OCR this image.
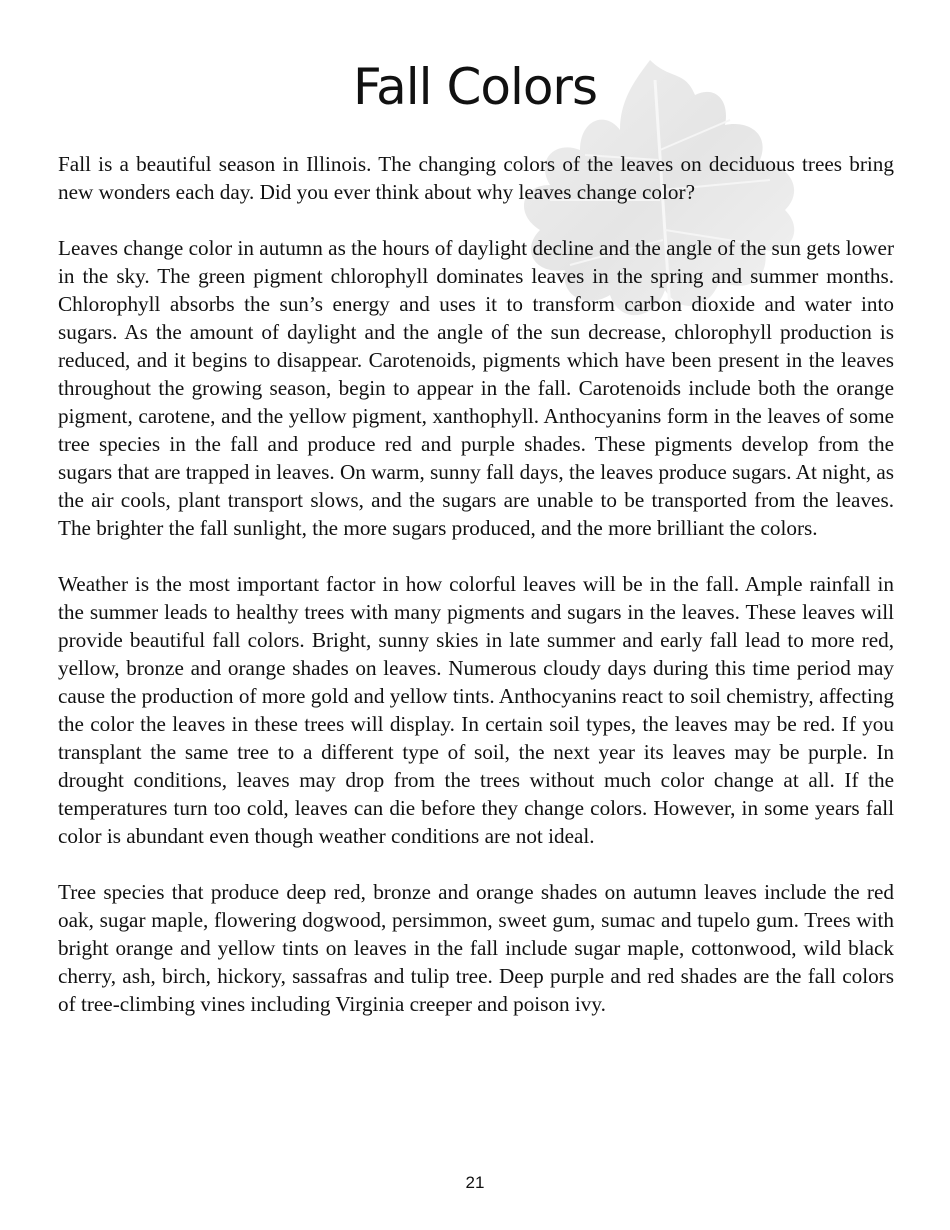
Fall Colors

Fall is a beautiful season in Illinois. The changing colors of the leaves on deciduous trees bring new wonders each day. Did you ever think about why leaves change color?

Leaves change color in autumn as the hours of daylight decline and the angle of the sun gets lower in the sky. The green pigment chlorophyll dominates leaves in the spring and summer months. Chlorophyll absorbs the sun’s energy and uses it to transform carbon dioxide and water into sugars. As the amount of daylight and the angle of the sun decrease, chlorophyll production is reduced, and it begins to disappear. Carotenoids, pigments which have been present in the leaves throughout the growing season, begin to appear in the fall. Carotenoids include both the orange pigment, carotene, and the yellow pigment, xanthophyll. Anthocyanins form in the leaves of some tree species in the fall and produce red and purple shades. These pigments develop from the sugars that are trapped in leaves. On warm, sunny fall days, the leaves produce sugars. At night, as the air cools, plant transport slows, and the sugars are unable to be transported from the leaves. The brighter the fall sunlight, the more sugars produced, and the more brilliant the colors.

Weather is the most important factor in how colorful leaves will be in the fall. Ample rainfall in the summer leads to healthy trees with many pigments and sugars in the leaves. These leaves will provide beautiful fall colors. Bright, sunny skies in late summer and early fall lead to more red, yellow, bronze and orange shades on leaves. Numerous cloudy days during this time period may cause the production of more gold and yellow tints. Anthocyanins react to soil chemistry, affecting the color the leaves in these trees will display. In certain soil types, the leaves may be red. If you transplant the same tree to a different type of soil, the next year its leaves may be purple. In drought conditions, leaves may drop from the trees without much color change at all. If the temperatures turn too cold, leaves can die before they change colors. However, in some years fall color is abundant even though weather conditions are not ideal.

Tree species that produce deep red, bronze and orange shades on autumn leaves include the red oak, sugar maple, flowering dogwood, persimmon, sweet gum, sumac and tupelo gum. Trees with bright orange and yellow tints on leaves in the fall include sugar maple, cottonwood, wild black cherry, ash, birch, hickory, sassafras and tulip tree. Deep purple and red shades are the fall colors of tree-climbing vines including Virginia creeper and poison ivy.

21
